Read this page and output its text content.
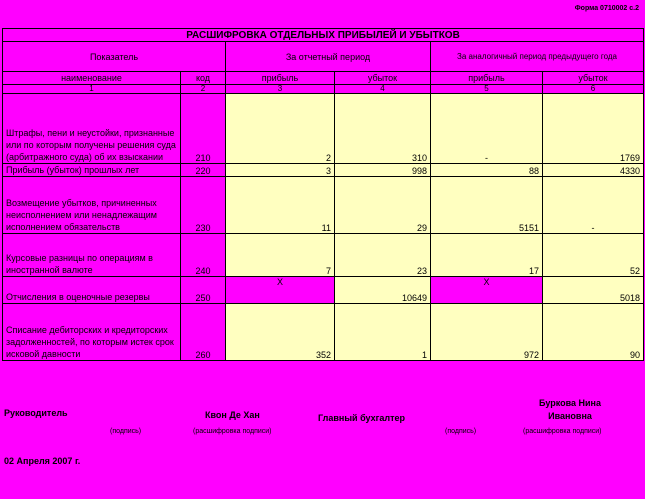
Форма 0710002 с.2
РАСШИФРОВКА ОТДЕЛЬНЫХ ПРИБЫЛЕЙ И УБЫТКОВ					
Показатель		За отчетный период		За аналогичный период предыдущего года	
наименование	код	прибыль	убыток	прибыль	убыток
1	2	3	4	5	6
Штрафы, пени и неустойки, признанные или по которым получены решения суда (арбитражного суда) об их взыскании	210	2	310	-	1769
Прибыль (убыток) прошлых лет	220	3	998	88	4330
Возмещение убытков, причиненных неисполнением или ненадлежащим исполнением обязательств	230	11	29	5151	-
Курсовые разницы по операциям в иностранной валюте	240	7	23	17	52
Отчисления в оценочные резервы	250	Х	10649	Х	5018
Списание дебиторских и кредиторских задолженностей, по которым истек срок исковой давности	260	352	1	972	90
Руководитель
(подпись)
Квон Де Хан
(расшифровка подписи)
Главный бухгалтер
(подпись)
Буркова Нина Ивановна
(расшифровка подписи)
02 Апреля 2007 г.
